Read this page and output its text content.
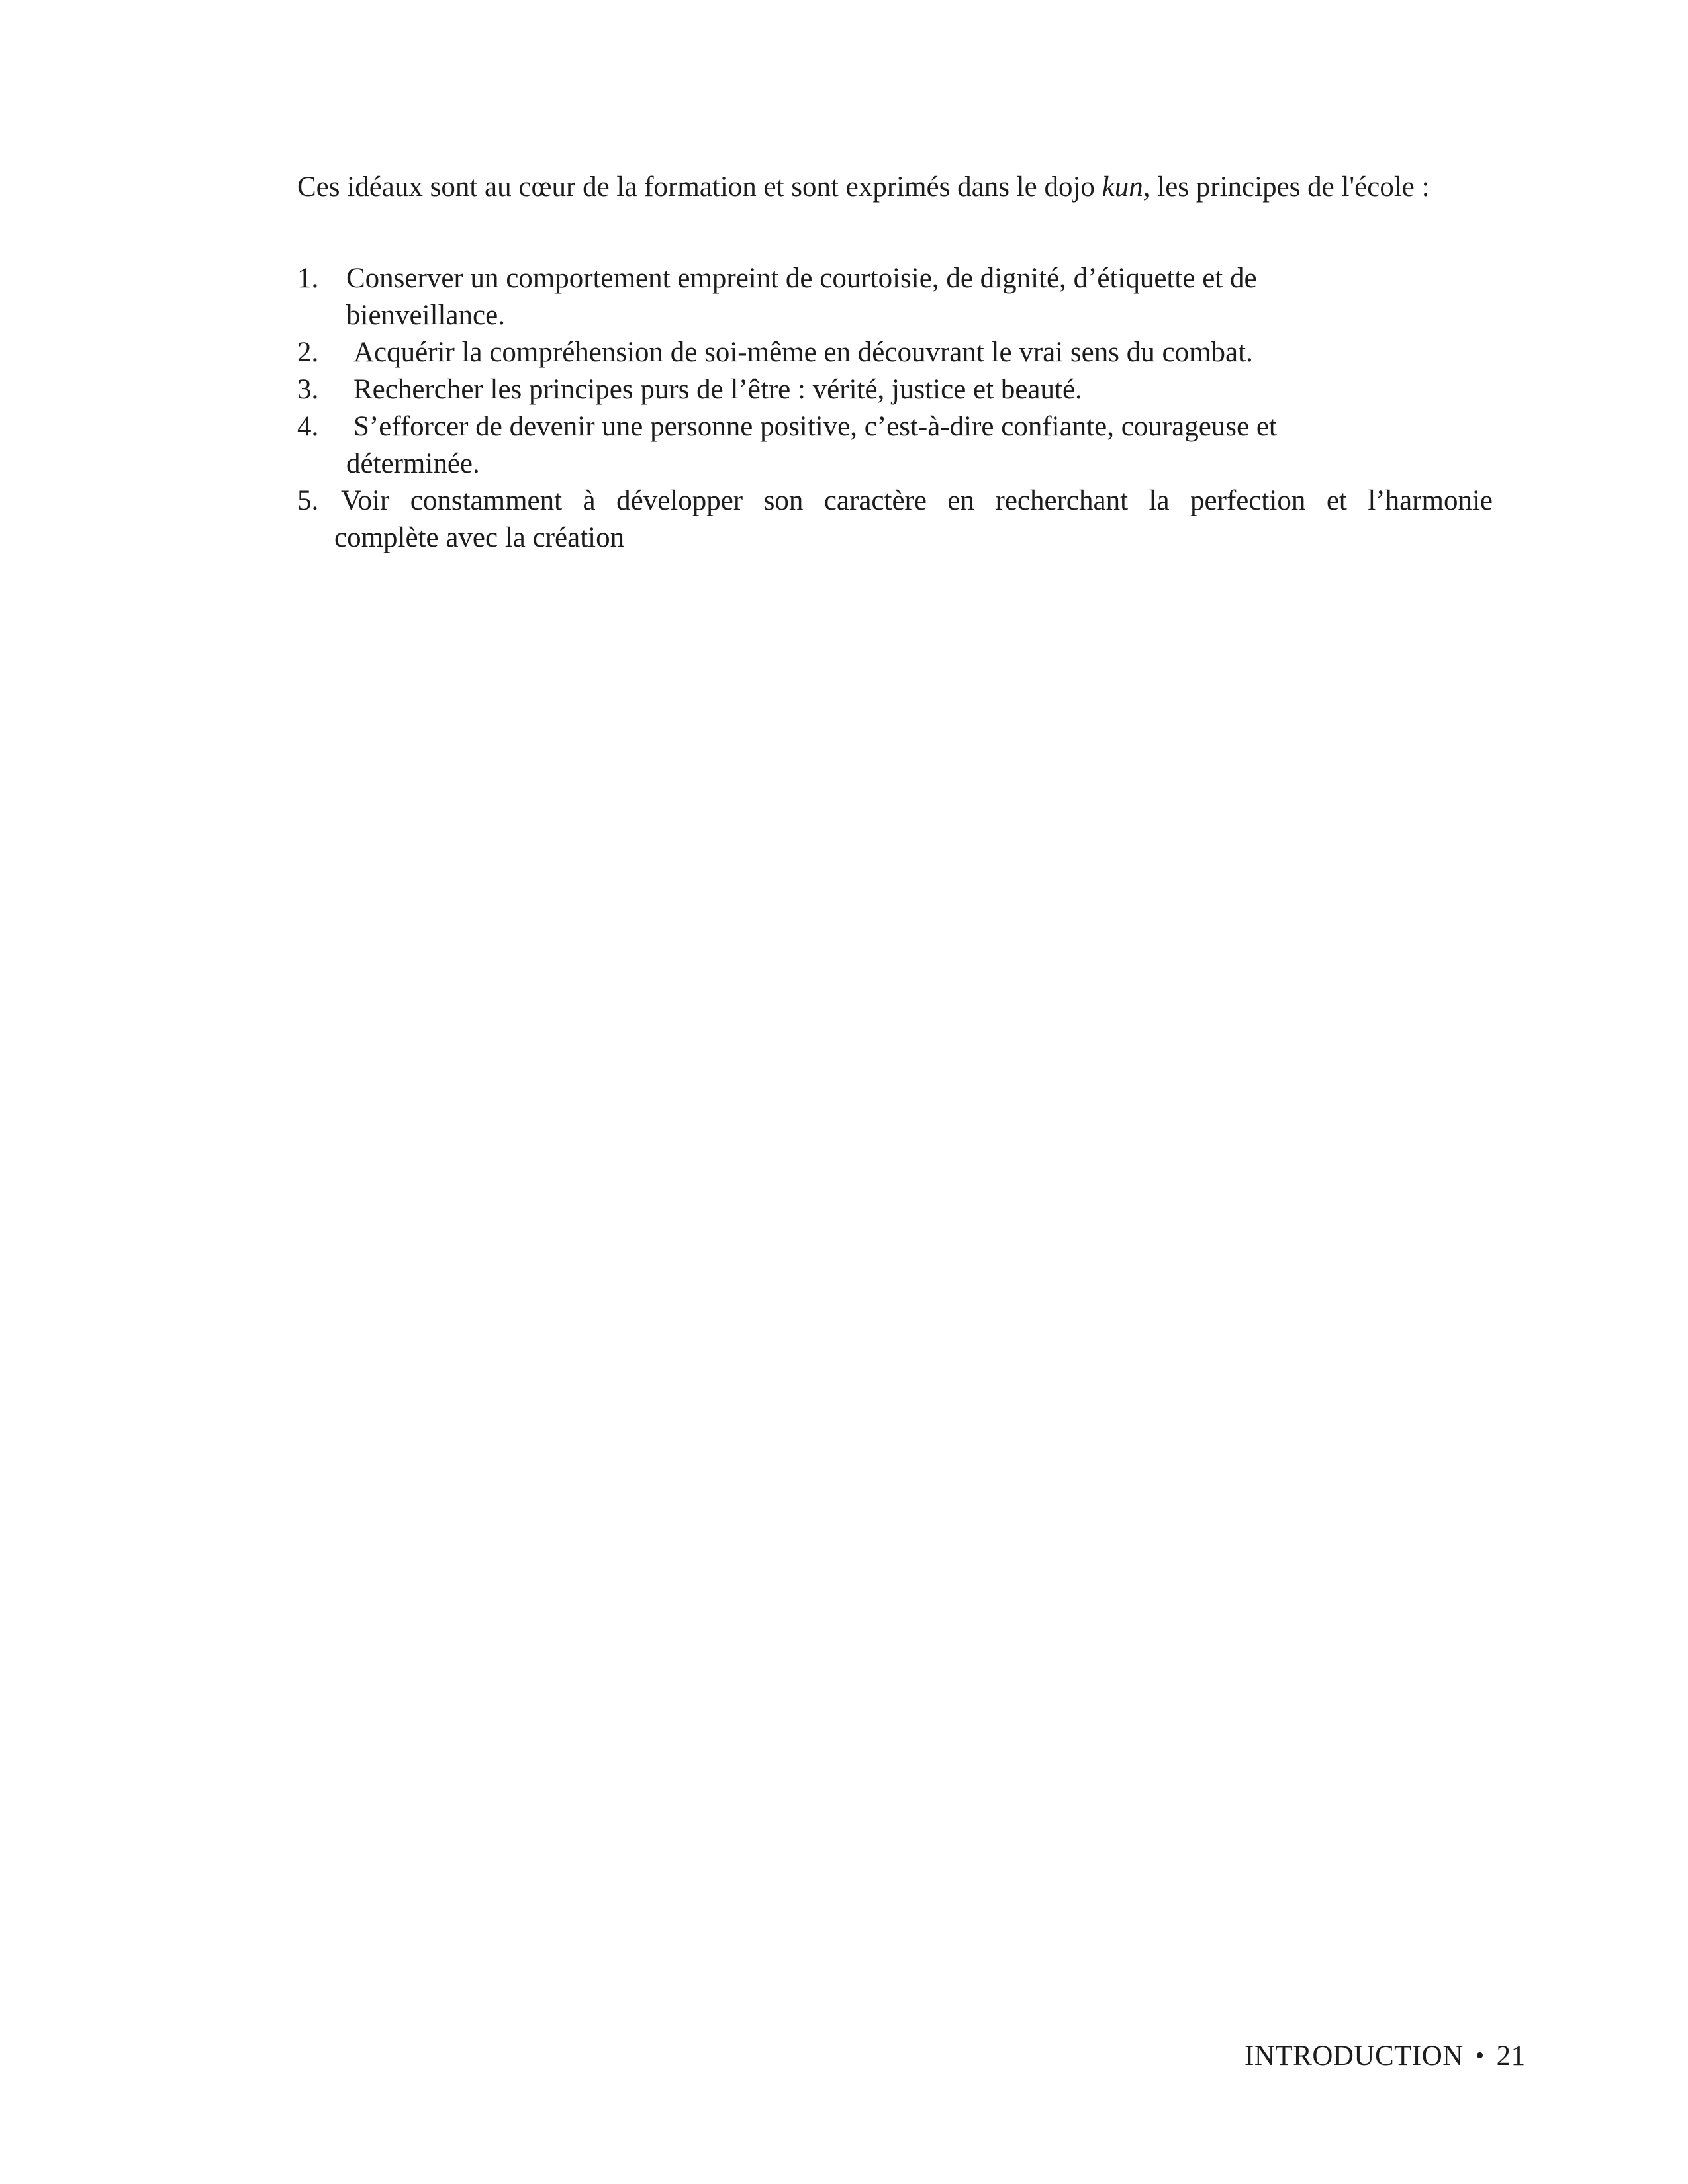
Ces idéaux sont au cœur de la formation et sont exprimés dans le dojo kun, les principes de l'école :

1. Conserver un comportement empreint de courtoisie, de dignité, d’étiquette et de
bienveillance.
2.	Acquérir la compréhension de soi-même en découvrant le vrai sens du combat.
3.	Rechercher les principes purs de l’être : vérité, justice et beauté.
4.	S’efforcer de devenir une personne positive, c’est-à-dire confiante, courageuse et
déterminée.
5. Voir constamment à développer son caractère en recherchant la perfection et l’harmonie
complète avec la création
INTRODUCTION • 21
